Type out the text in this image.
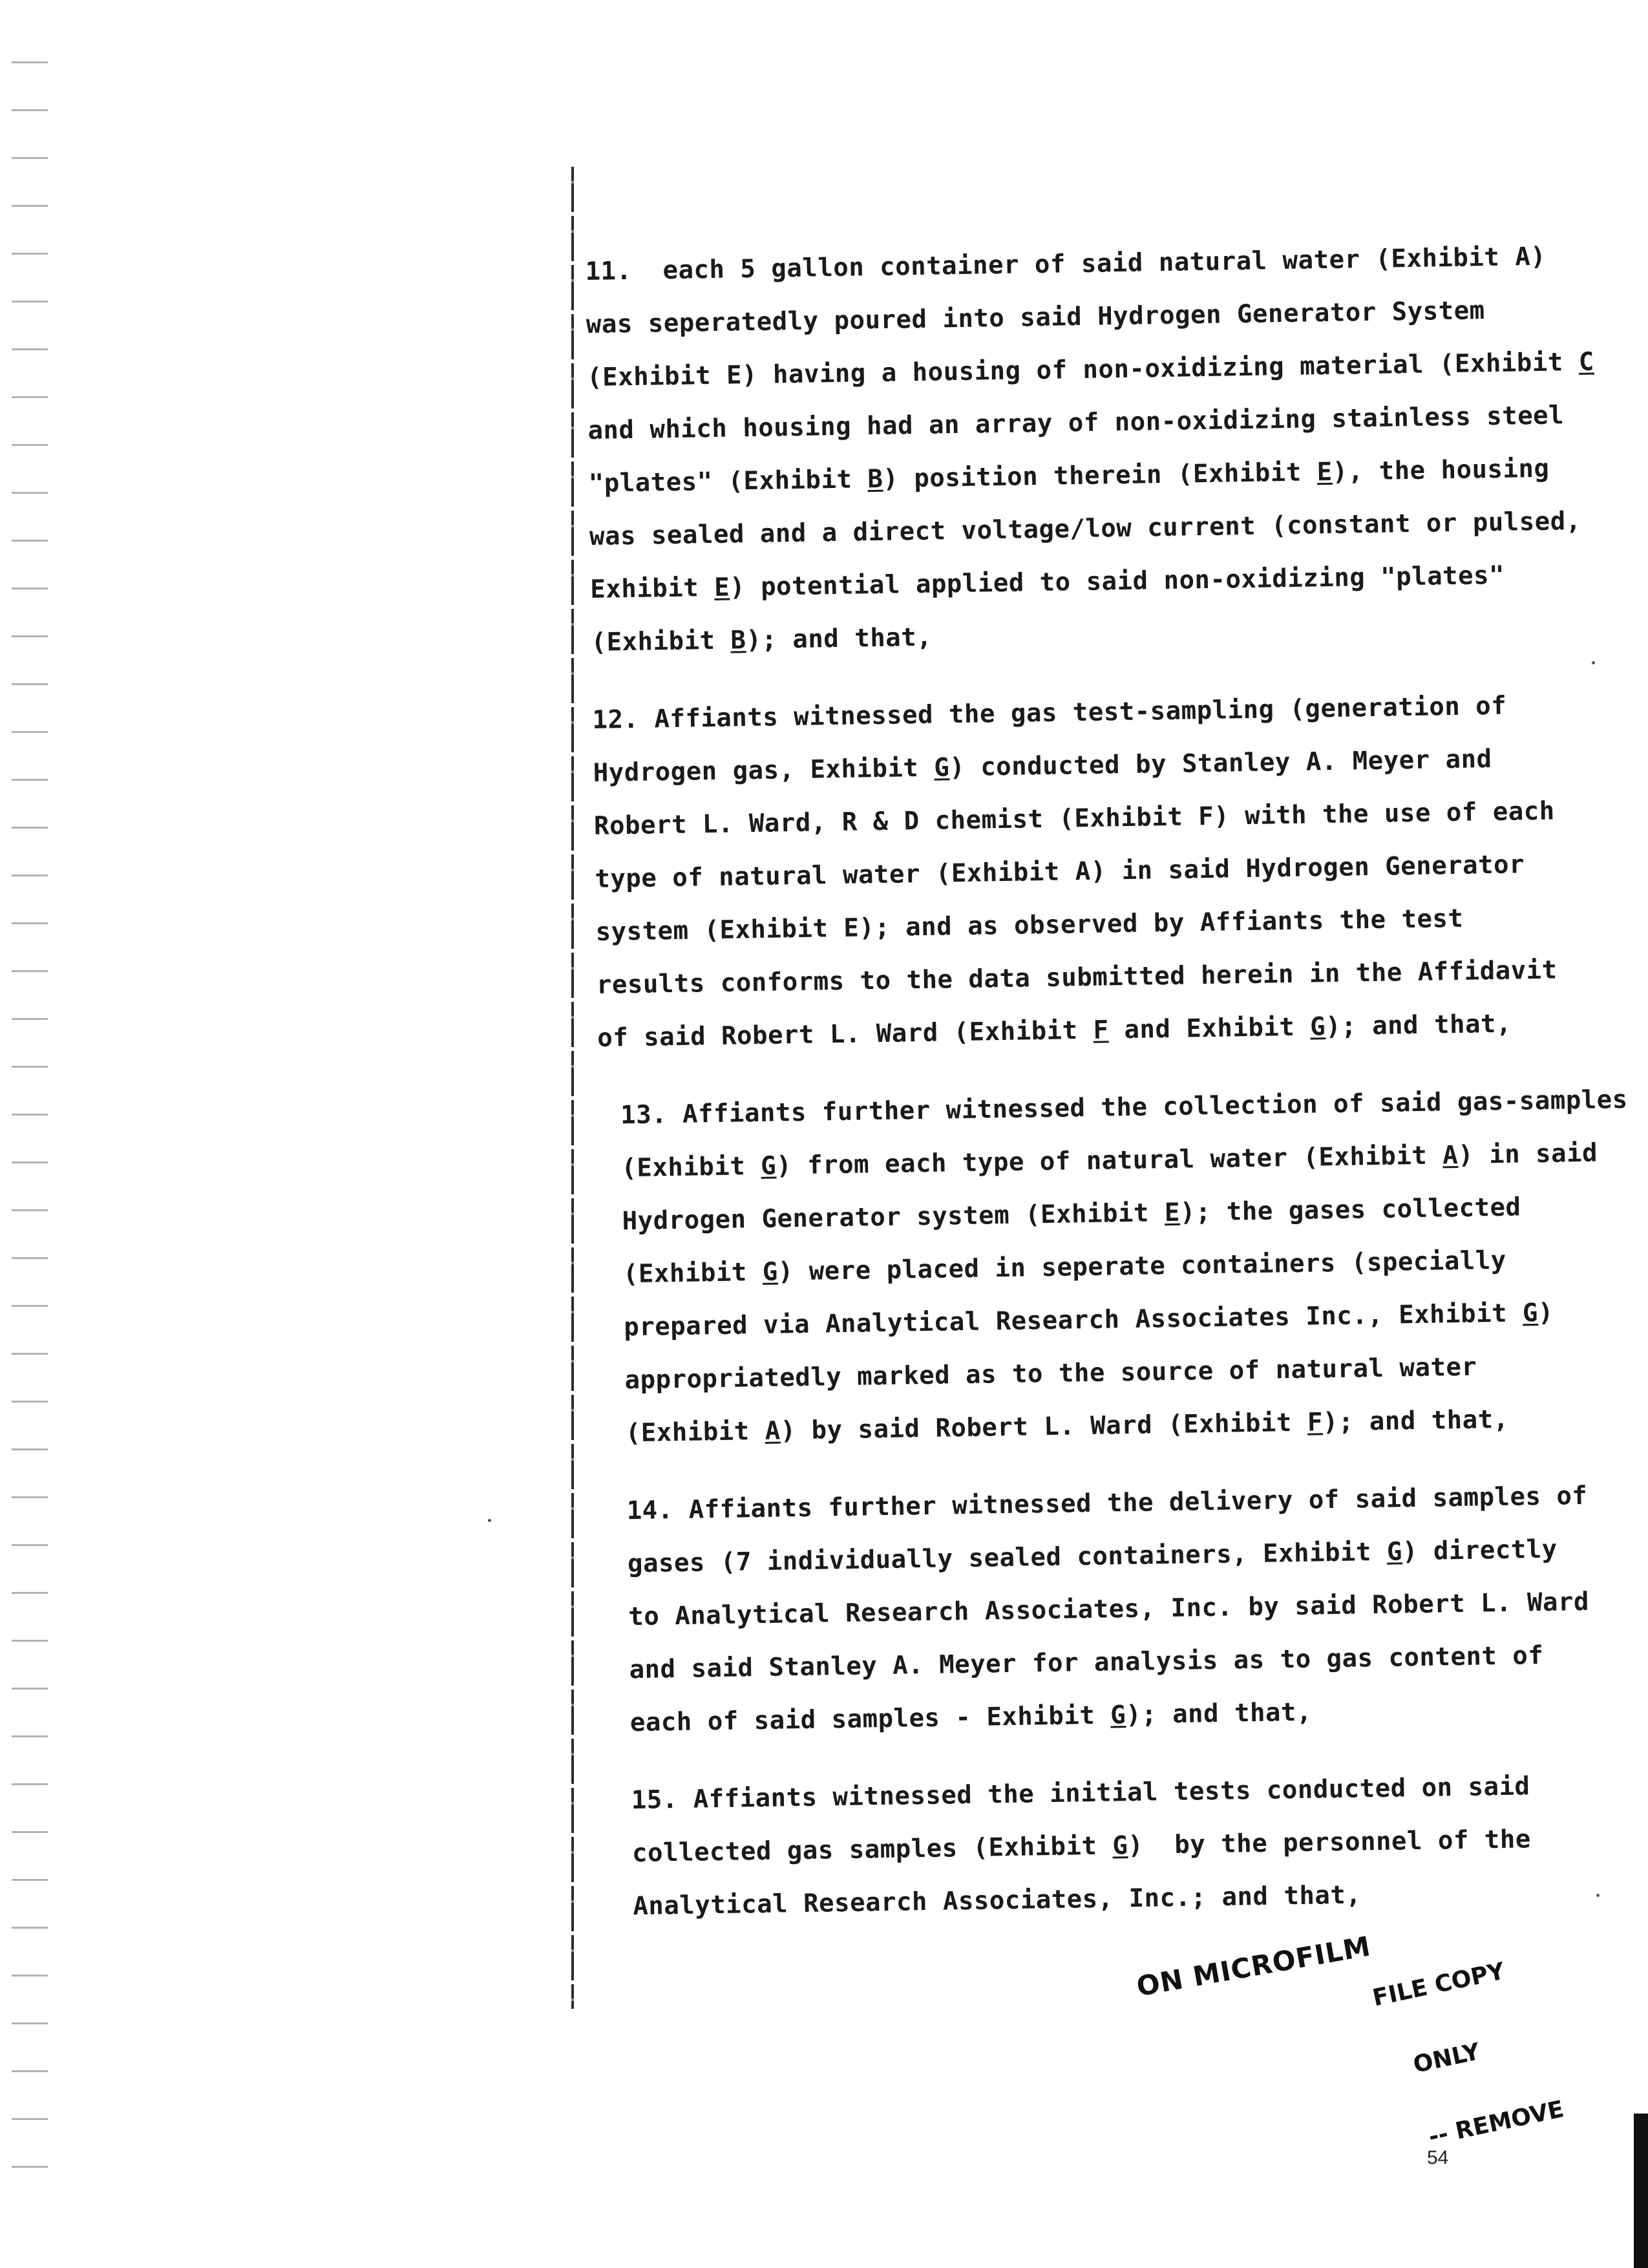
11.  each 5 gallon container of said natural water (Exhibit A)
was seperatedly poured into said Hydrogen Generator System
(Exhibit E) having a housing of non-oxidizing material (Exhibit C
and which housing had an array of non-oxidizing stainless steel
"plates" (Exhibit B) position therein (Exhibit E), the housing
was sealed and a direct voltage/low current (constant or pulsed,
Exhibit E) potential applied to said non-oxidizing "plates"
(Exhibit B); and that,
12. Affiants witnessed the gas test-sampling (generation of
Hydrogen gas, Exhibit G) conducted by Stanley A. Meyer and
Robert L. Ward, R & D chemist (Exhibit F) with the use of each
type of natural water (Exhibit A) in said Hydrogen Generator
system (Exhibit E); and as observed by Affiants the test
results conforms to the data submitted herein in the Affidavit
of said Robert L. Ward (Exhibit F and Exhibit G); and that,
13. Affiants further witnessed the collection of said gas-samples
(Exhibit G) from each type of natural water (Exhibit A) in said
Hydrogen Generator system (Exhibit E); the gases collected
(Exhibit G) were placed in seperate containers (specially
prepared via Analytical Research Associates Inc., Exhibit G)
appropriatedly marked as to the source of natural water
(Exhibit A) by said Robert L. Ward (Exhibit F); and that,
14. Affiants further witnessed the delivery of said samples of
gases (7 individually sealed containers, Exhibit G) directly
to Analytical Research Associates, Inc. by said Robert L. Ward
and said Stanley A. Meyer for analysis as to gas content of
each of said samples - Exhibit G); and that,
15. Affiants witnessed the initial tests conducted on said
collected gas samples (Exhibit G)  by the personnel of the
Analytical Research Associates, Inc.; and that,
ON MICROFILM

FILE COPY

ONLY

-- REMOVE

54
